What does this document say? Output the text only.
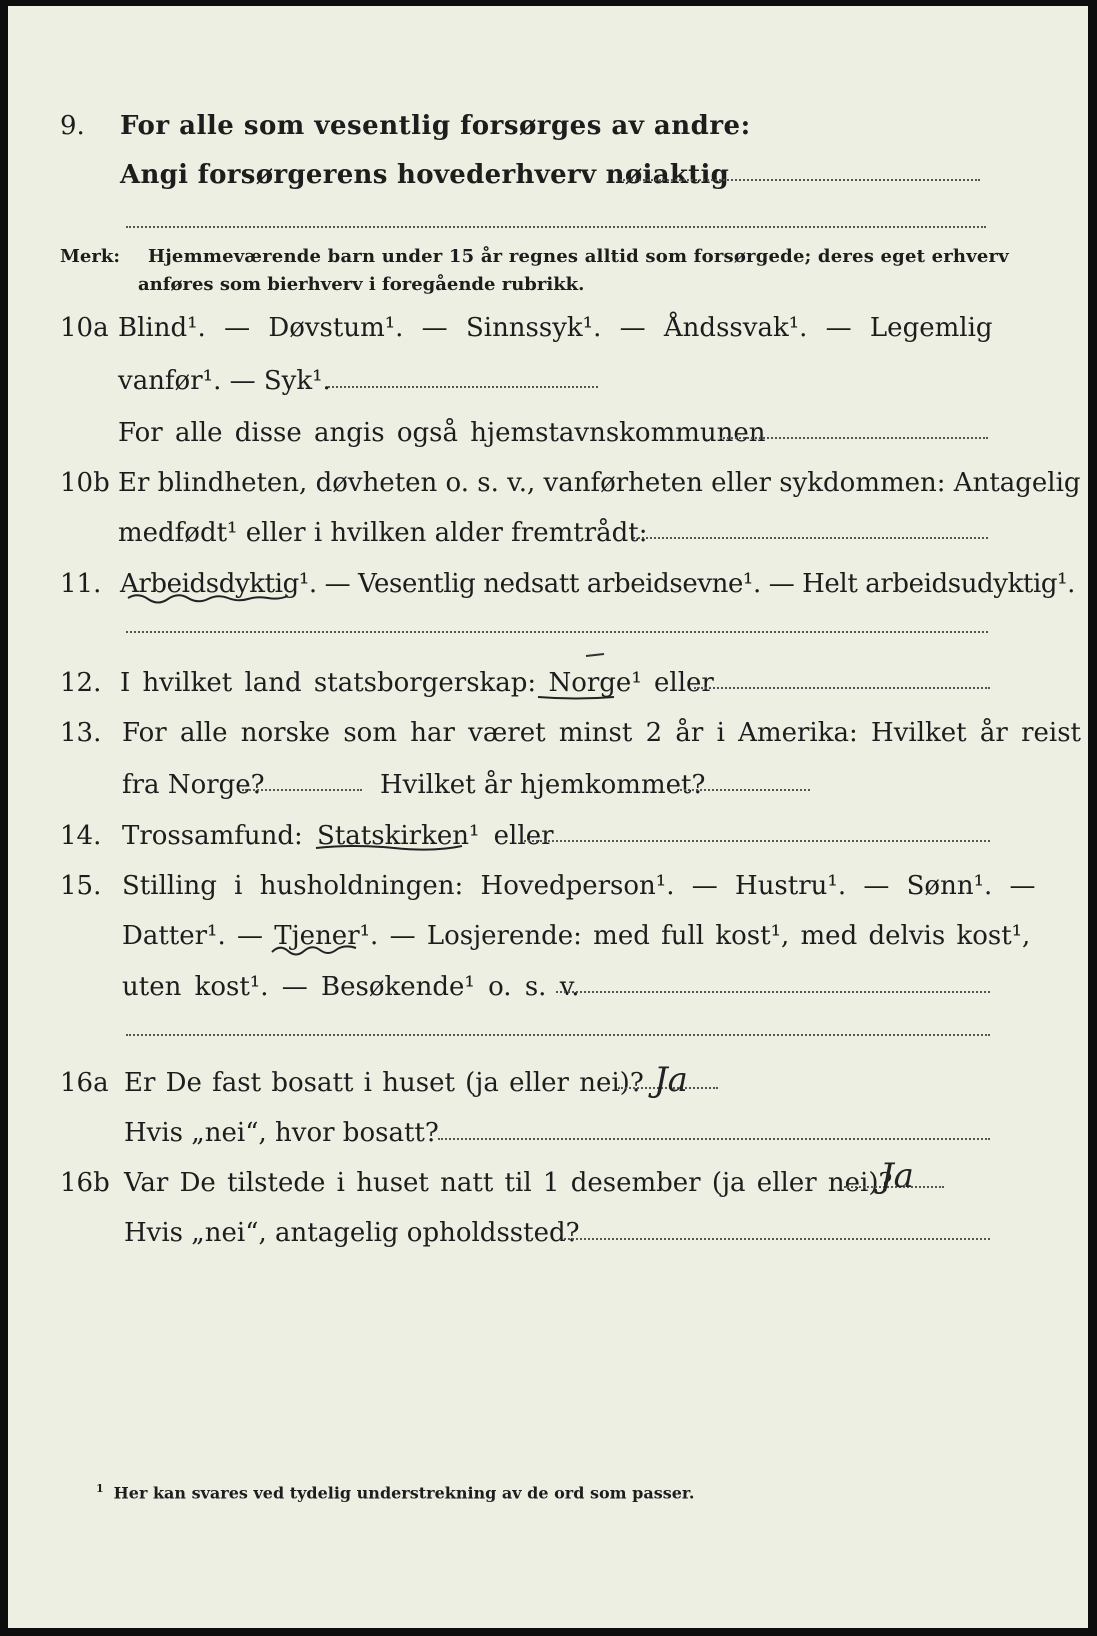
9. For alle som vesentlig forsørges av andre:
Angi forsørgerens hovederhverv nøiaktig
Merk: Hjemmeværende barn under 15 år regnes alltid som forsørgede; deres eget erhverv
anføres som bierhverv i foregående rubrikk.
10a Blind¹. — Døvstum¹. — Sinnssyk¹. — Åndssvak¹. — Legemlig
vanfør¹. — Syk¹.
For alle disse angis også hjemstavnskommunen
10b Er blindheten, døvheten o. s. v., vanførheten eller sykdommen: Antagelig
medfødt¹ eller i hvilken alder fremtrådt:
11. Arbeidsdyktig¹. — Vesentlig nedsatt arbeidsevne¹. — Helt arbeidsudyktig¹.
12. I hvilket land statsborgerskap: Norge¹ eller
13. For alle norske som har været minst 2 år i Amerika: Hvilket år reist
fra Norge?	Hvilket år hjemkommet?
14. Trossamfund: Statskirken¹ eller
15. Stilling i husholdningen: Hovedperson¹. — Hustru¹. — Sønn¹. —
Datter¹. — Tjener¹. — Losjerende: med full kost¹, med delvis kost¹,
uten kost¹. — Besøkende¹ o. s. v.
16a Er De fast bosatt i huset (ja eller nei)? Ja
Hvis „nei“, hvor bosatt?
16b Var De tilstede i huset natt til 1 desember (ja eller nei)?
Ja
Hvis „nei“, antagelig opholdssted?
$^1$ Her kan svares ved tydelig understrekning av de ord som passer.
